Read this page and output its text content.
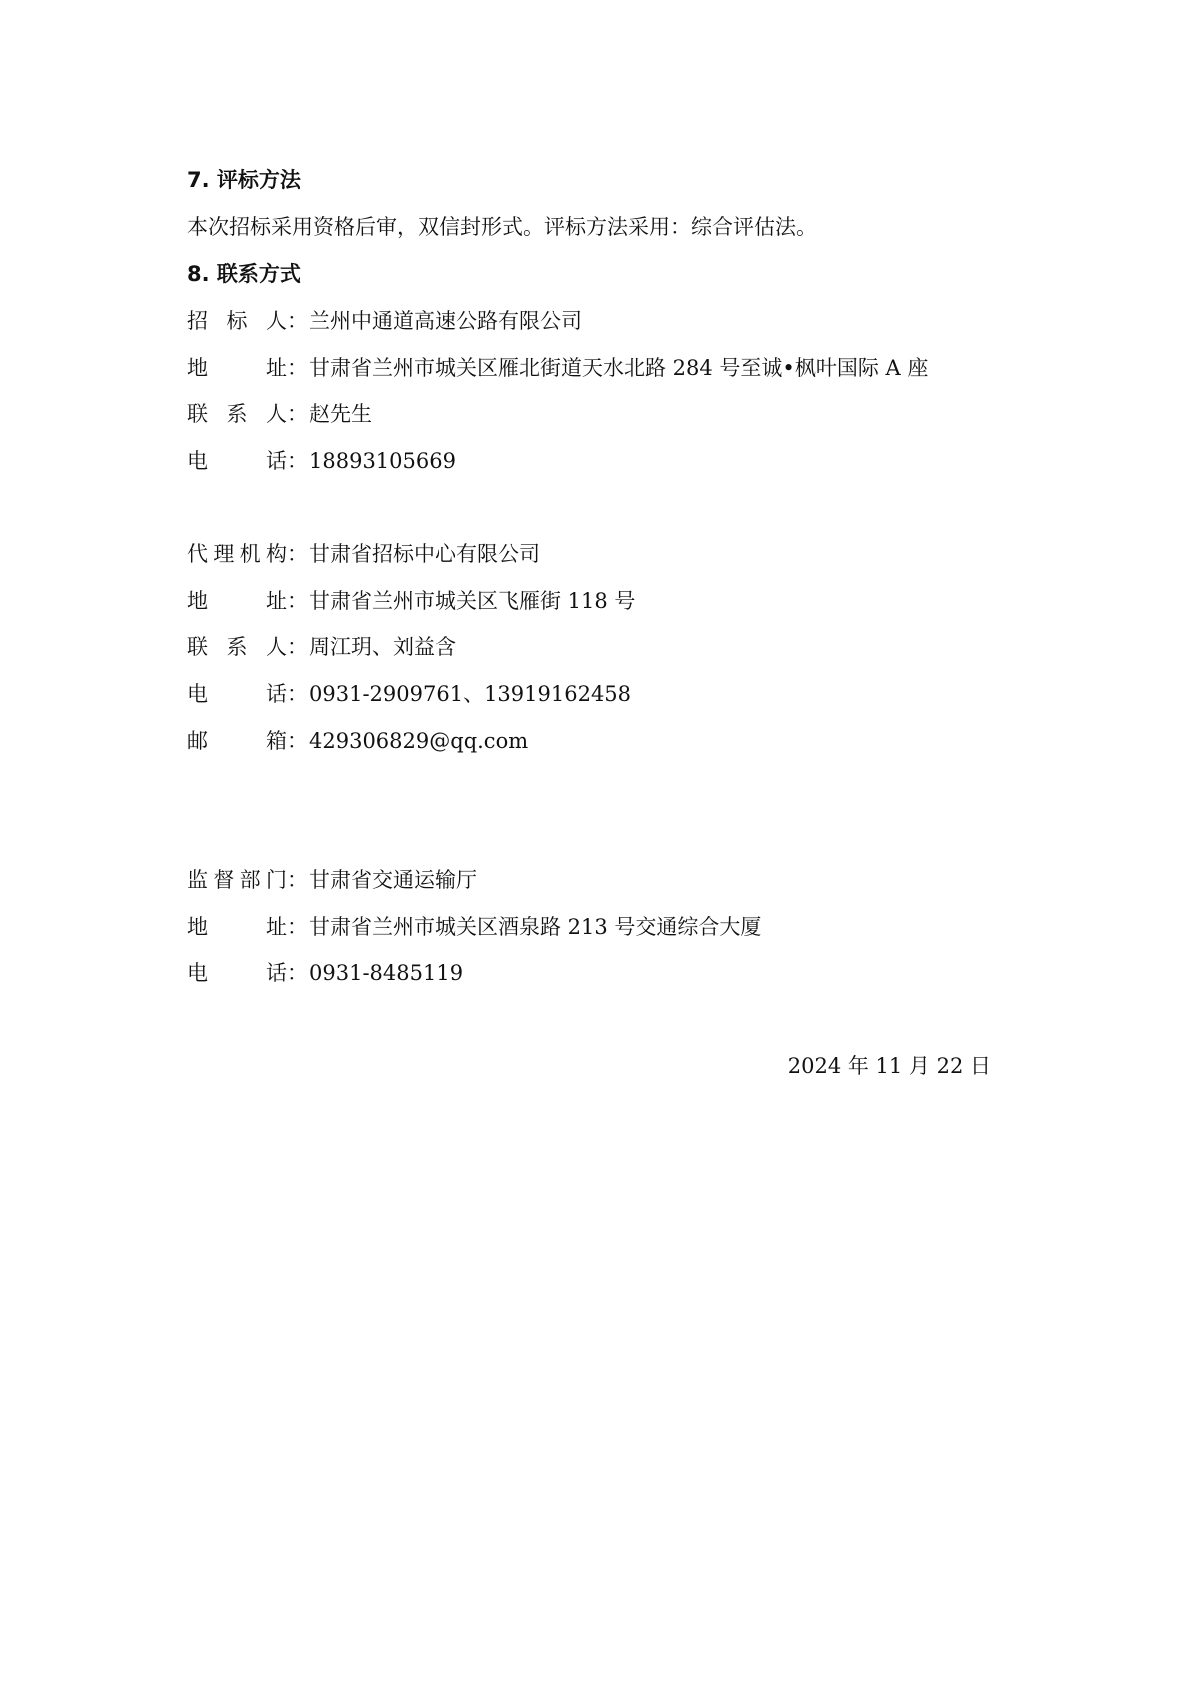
7. 评标方法
本次招标采用资格后审，双信封形式。评标方法采用：综合评估法。
8. 联系方式
招 标 人 ： 兰州中通道高速公路有限公司
地 址 ： 甘肃省兰州市城关区雁北街道天水北路 284 号至诚•枫叶国际 A 座
联 系 人 ： 赵先生
电 话 ： 18893105669
代理机构 ： 甘肃省招标中心有限公司
地 址 ： 甘肃省兰州市城关区飞雁街 118 号
联 系 人 ： 周江玥、刘益含
电 话 ： 0931-2909761、13919162458
邮 箱 ： 429306829@qq.com
监督部门 ： 甘肃省交通运输厅
地 址 ： 甘肃省兰州市城关区酒泉路 213 号交通综合大厦
电 话 ： 0931-8485119
2024 年 11 月 22 日
